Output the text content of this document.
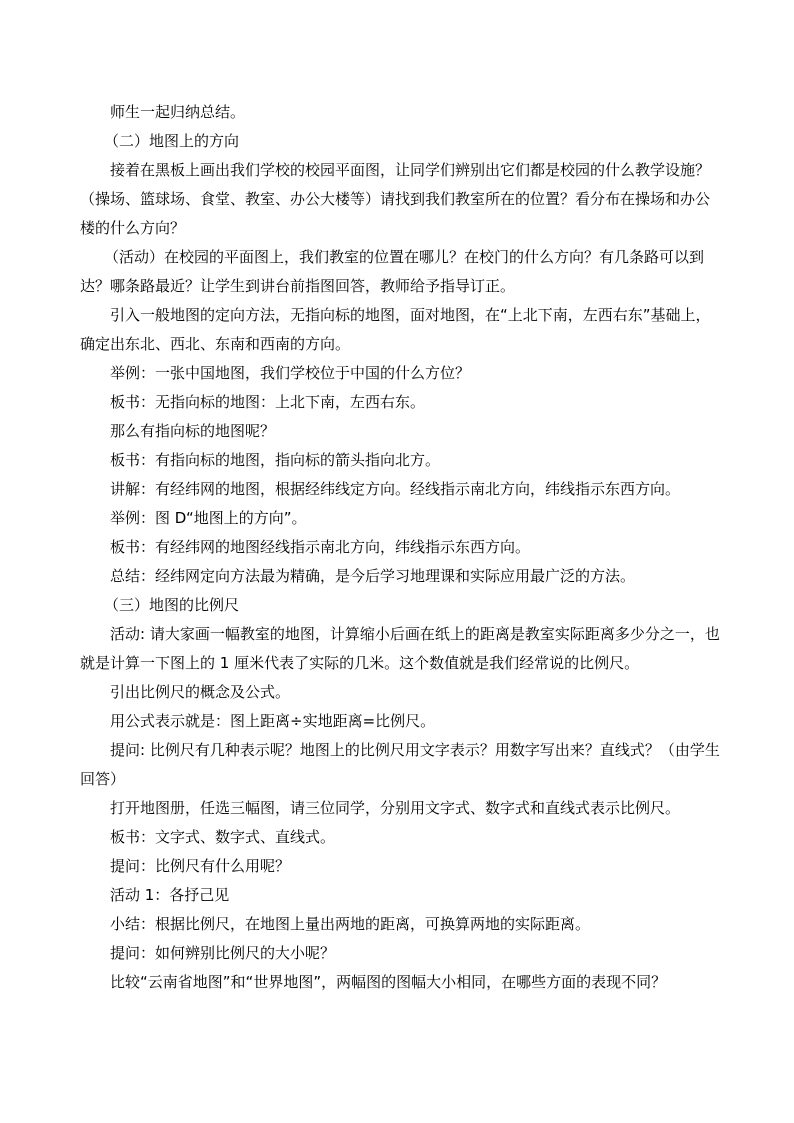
师生一起归纳总结。

（二）地图上的方向

接着在黑板上画出我们学校的校园平面图，让同学们辨别出它们都是校园的什么教学设施？（操场、篮球场、食堂、教室、办公大楼等）请找到我们教室所在的位置？看分布在操场和办公楼的什么方向？

（活动）在校园的平面图上，我们教室的位置在哪儿？在校门的什么方向？有几条路可以到达？哪条路最近？让学生到讲台前指图回答，教师给予指导订正。

引入一般地图的定向方法，无指向标的地图，面对地图，在“上北下南，左西右东”基础上，确定出东北、西北、东南和西南的方向。

举例：一张中国地图，我们学校位于中国的什么方位？

板书：无指向标的地图：上北下南，左西右东。

那么有指向标的地图呢？

板书：有指向标的地图，指向标的箭头指向北方。

讲解：有经纬网的地图，根据经纬线定方向。经线指示南北方向，纬线指示东西方向。

举例：图 D“地图上的方向”。

板书：有经纬网的地图经线指示南北方向，纬线指示东西方向。

总结：经纬网定向方法最为精确，是今后学习地理课和实际应用最广泛的方法。

（三）地图的比例尺

活动: 请大家画一幅教室的地图，计算缩小后画在纸上的距离是教室实际距离多少分之一，也就是计算一下图上的 1 厘米代表了实际的几米。这个数值就是我们经常说的比例尺。

引出比例尺的概念及公式。

用公式表示就是：图上距离÷实地距离=比例尺。

提问: 比例尺有几种表示呢？地图上的比例尺用文字表示？用数字写出来？直线式？（由学生回答）

打开地图册，任选三幅图，请三位同学，分别用文字式、数字式和直线式表示比例尺。

板书：文字式、数字式、直线式。

提问：比例尺有什么用呢？

活动 1：各抒己见

小结：根据比例尺，在地图上量出两地的距离，可换算两地的实际距离。

提问：如何辨别比例尺的大小呢？

比较“云南省地图”和“世界地图”，两幅图的图幅大小相同，在哪些方面的表现不同？
